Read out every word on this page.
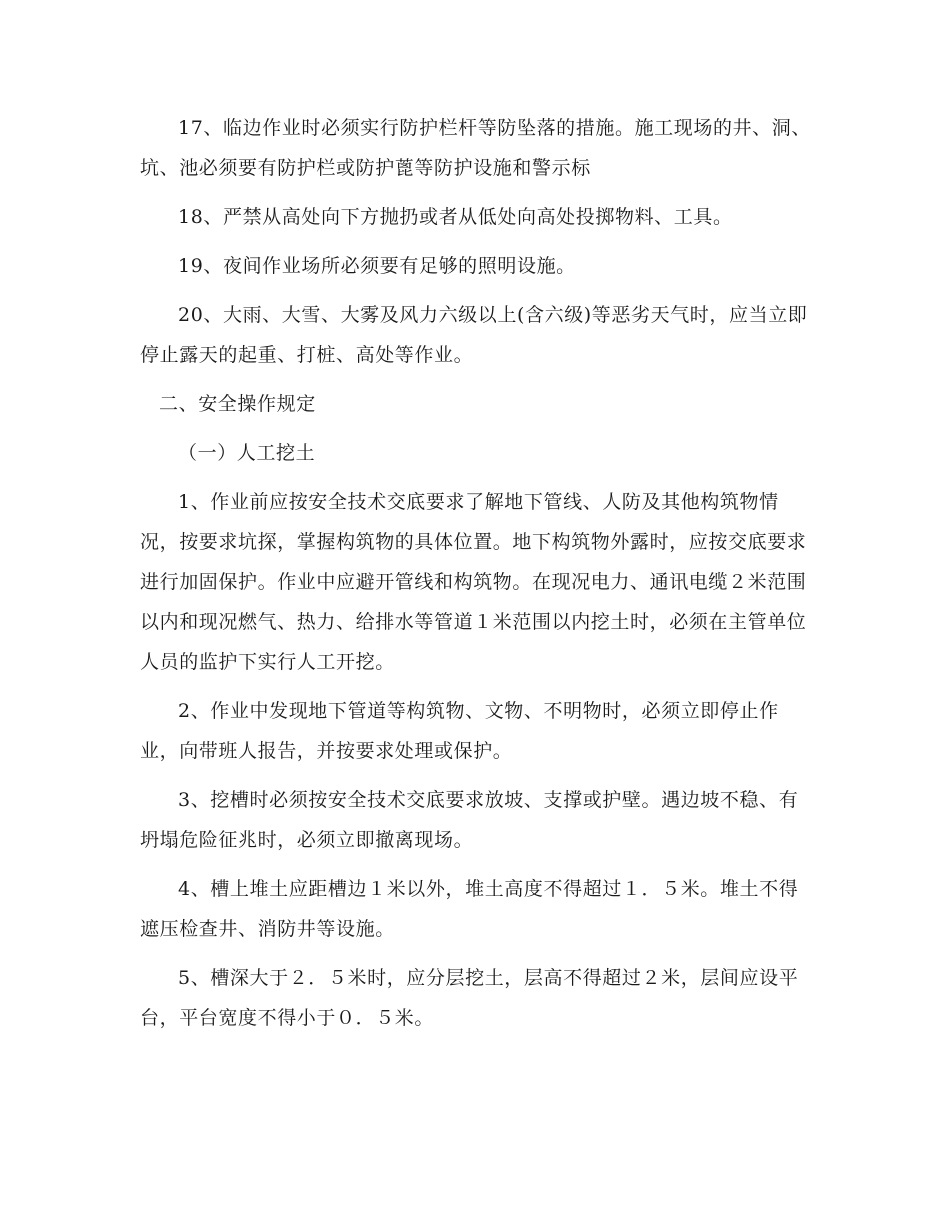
17、临边作业时必须实行防护栏杆等防坠落的措施。施工现场的井、洞、坑、池必须要有防护栏或防护蓖等防护设施和警示标

18、严禁从高处向下方抛扔或者从低处向高处投掷物料、工具。

19、夜间作业场所必须要有足够的照明设施。

20、大雨、大雪、大雾及风力六级以上(含六级)等恶劣天气时，应当立即停止露天的起重、打桩、高处等作业。

二、安全操作规定

（一）人工挖土

1、作业前应按安全技术交底要求了解地下管线、人防及其他构筑物情况，按要求坑探，掌握构筑物的具体位置。地下构筑物外露时，应按交底要求进行加固保护。作业中应避开管线和构筑物。在现况电力、通讯电缆２米范围以内和现况燃气、热力、给排水等管道１米范围以内挖土时，必须在主管单位人员的监护下实行人工开挖。

2、作业中发现地下管道等构筑物、文物、不明物时，必须立即停止作业，向带班人报告，并按要求处理或保护。

3、挖槽时必须按安全技术交底要求放坡、支撑或护壁。遇边坡不稳、有坍塌危险征兆时，必须立即撤离现场。

4、槽上堆土应距槽边１米以外，堆土高度不得超过１．５米。堆土不得遮压检查井、消防井等设施。

5、槽深大于２．５米时，应分层挖土，层高不得超过２米，层间应设平台，平台宽度不得小于０．５米。
